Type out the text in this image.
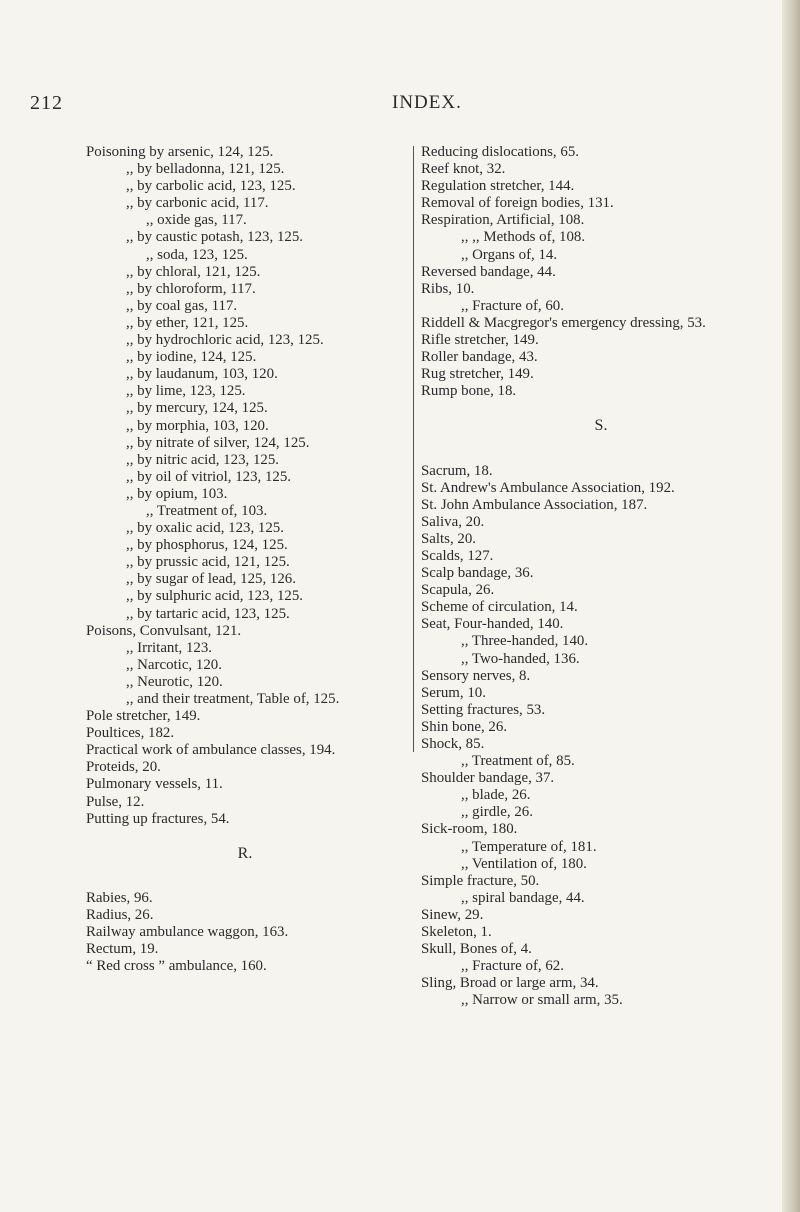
212	INDEX.
Poisoning by arsenic, 124, 125.
,, by belladonna, 121, 125.
,, by carbolic acid, 123, 125.
,, by carbonic acid, 117.
,, oxide gas, 117.
,, by caustic potash, 123, 125.
,, soda, 123, 125.
,, by chloral, 121, 125.
,, by chloroform, 117.
,, by coal gas, 117.
,, by ether, 121, 125.
,, by hydrochloric acid, 123, 125.
,, by iodine, 124, 125.
,, by laudanum, 103, 120.
,, by lime, 123, 125.
,, by mercury, 124, 125.
,, by morphia, 103, 120.
,, by nitrate of silver, 124, 125.
,, by nitric acid, 123, 125.
,, by oil of vitriol, 123, 125.
,, by opium, 103.
,, Treatment of, 103.
,, by oxalic acid, 123, 125.
,, by phosphorus, 124, 125.
,, by prussic acid, 121, 125.
,, by sugar of lead, 125, 126.
,, by sulphuric acid, 123, 125.
,, by tartaric acid, 123, 125.
Poisons, Convulsant, 121.
,, Irritant, 123.
,, Narcotic, 120.
,, Neurotic, 120.
,, and their treatment, Table of, 125.
Pole stretcher, 149.
Poultices, 182.
Practical work of ambulance classes, 194.
Proteids, 20.
Pulmonary vessels, 11.
Pulse, 12.
Putting up fractures, 54.
R.
Rabies, 96.
Radius, 26.
Railway ambulance waggon, 163.
Rectum, 19.
“ Red cross ” ambulance, 160.
Reducing dislocations, 65.
Reef knot, 32.
Regulation stretcher, 144.
Removal of foreign bodies, 131.
Respiration, Artificial, 108.
,, ,, Methods of, 108.
,, Organs of, 14.
Reversed bandage, 44.
Ribs, 10.
,, Fracture of, 60.
Riddell & Macgregor's emergency dressing, 53.
Rifle stretcher, 149.
Roller bandage, 43.
Rug stretcher, 149.
Rump bone, 18.
S.
Sacrum, 18.
St. Andrew's Ambulance Association, 192.
St. John Ambulance Association, 187.
Saliva, 20.
Salts, 20.
Scalds, 127.
Scalp bandage, 36.
Scapula, 26.
Scheme of circulation, 14.
Seat, Four-handed, 140.
,, Three-handed, 140.
,, Two-handed, 136.
Sensory nerves, 8.
Serum, 10.
Setting fractures, 53.
Shin bone, 26.
Shock, 85.
,, Treatment of, 85.
Shoulder bandage, 37.
,, blade, 26.
,, girdle, 26.
Sick-room, 180.
,, Temperature of, 181.
,, Ventilation of, 180.
Simple fracture, 50.
,, spiral bandage, 44.
Sinew, 29.
Skeleton, 1.
Skull, Bones of, 4.
,, Fracture of, 62.
Sling, Broad or large arm, 34.
,, Narrow or small arm, 35.
